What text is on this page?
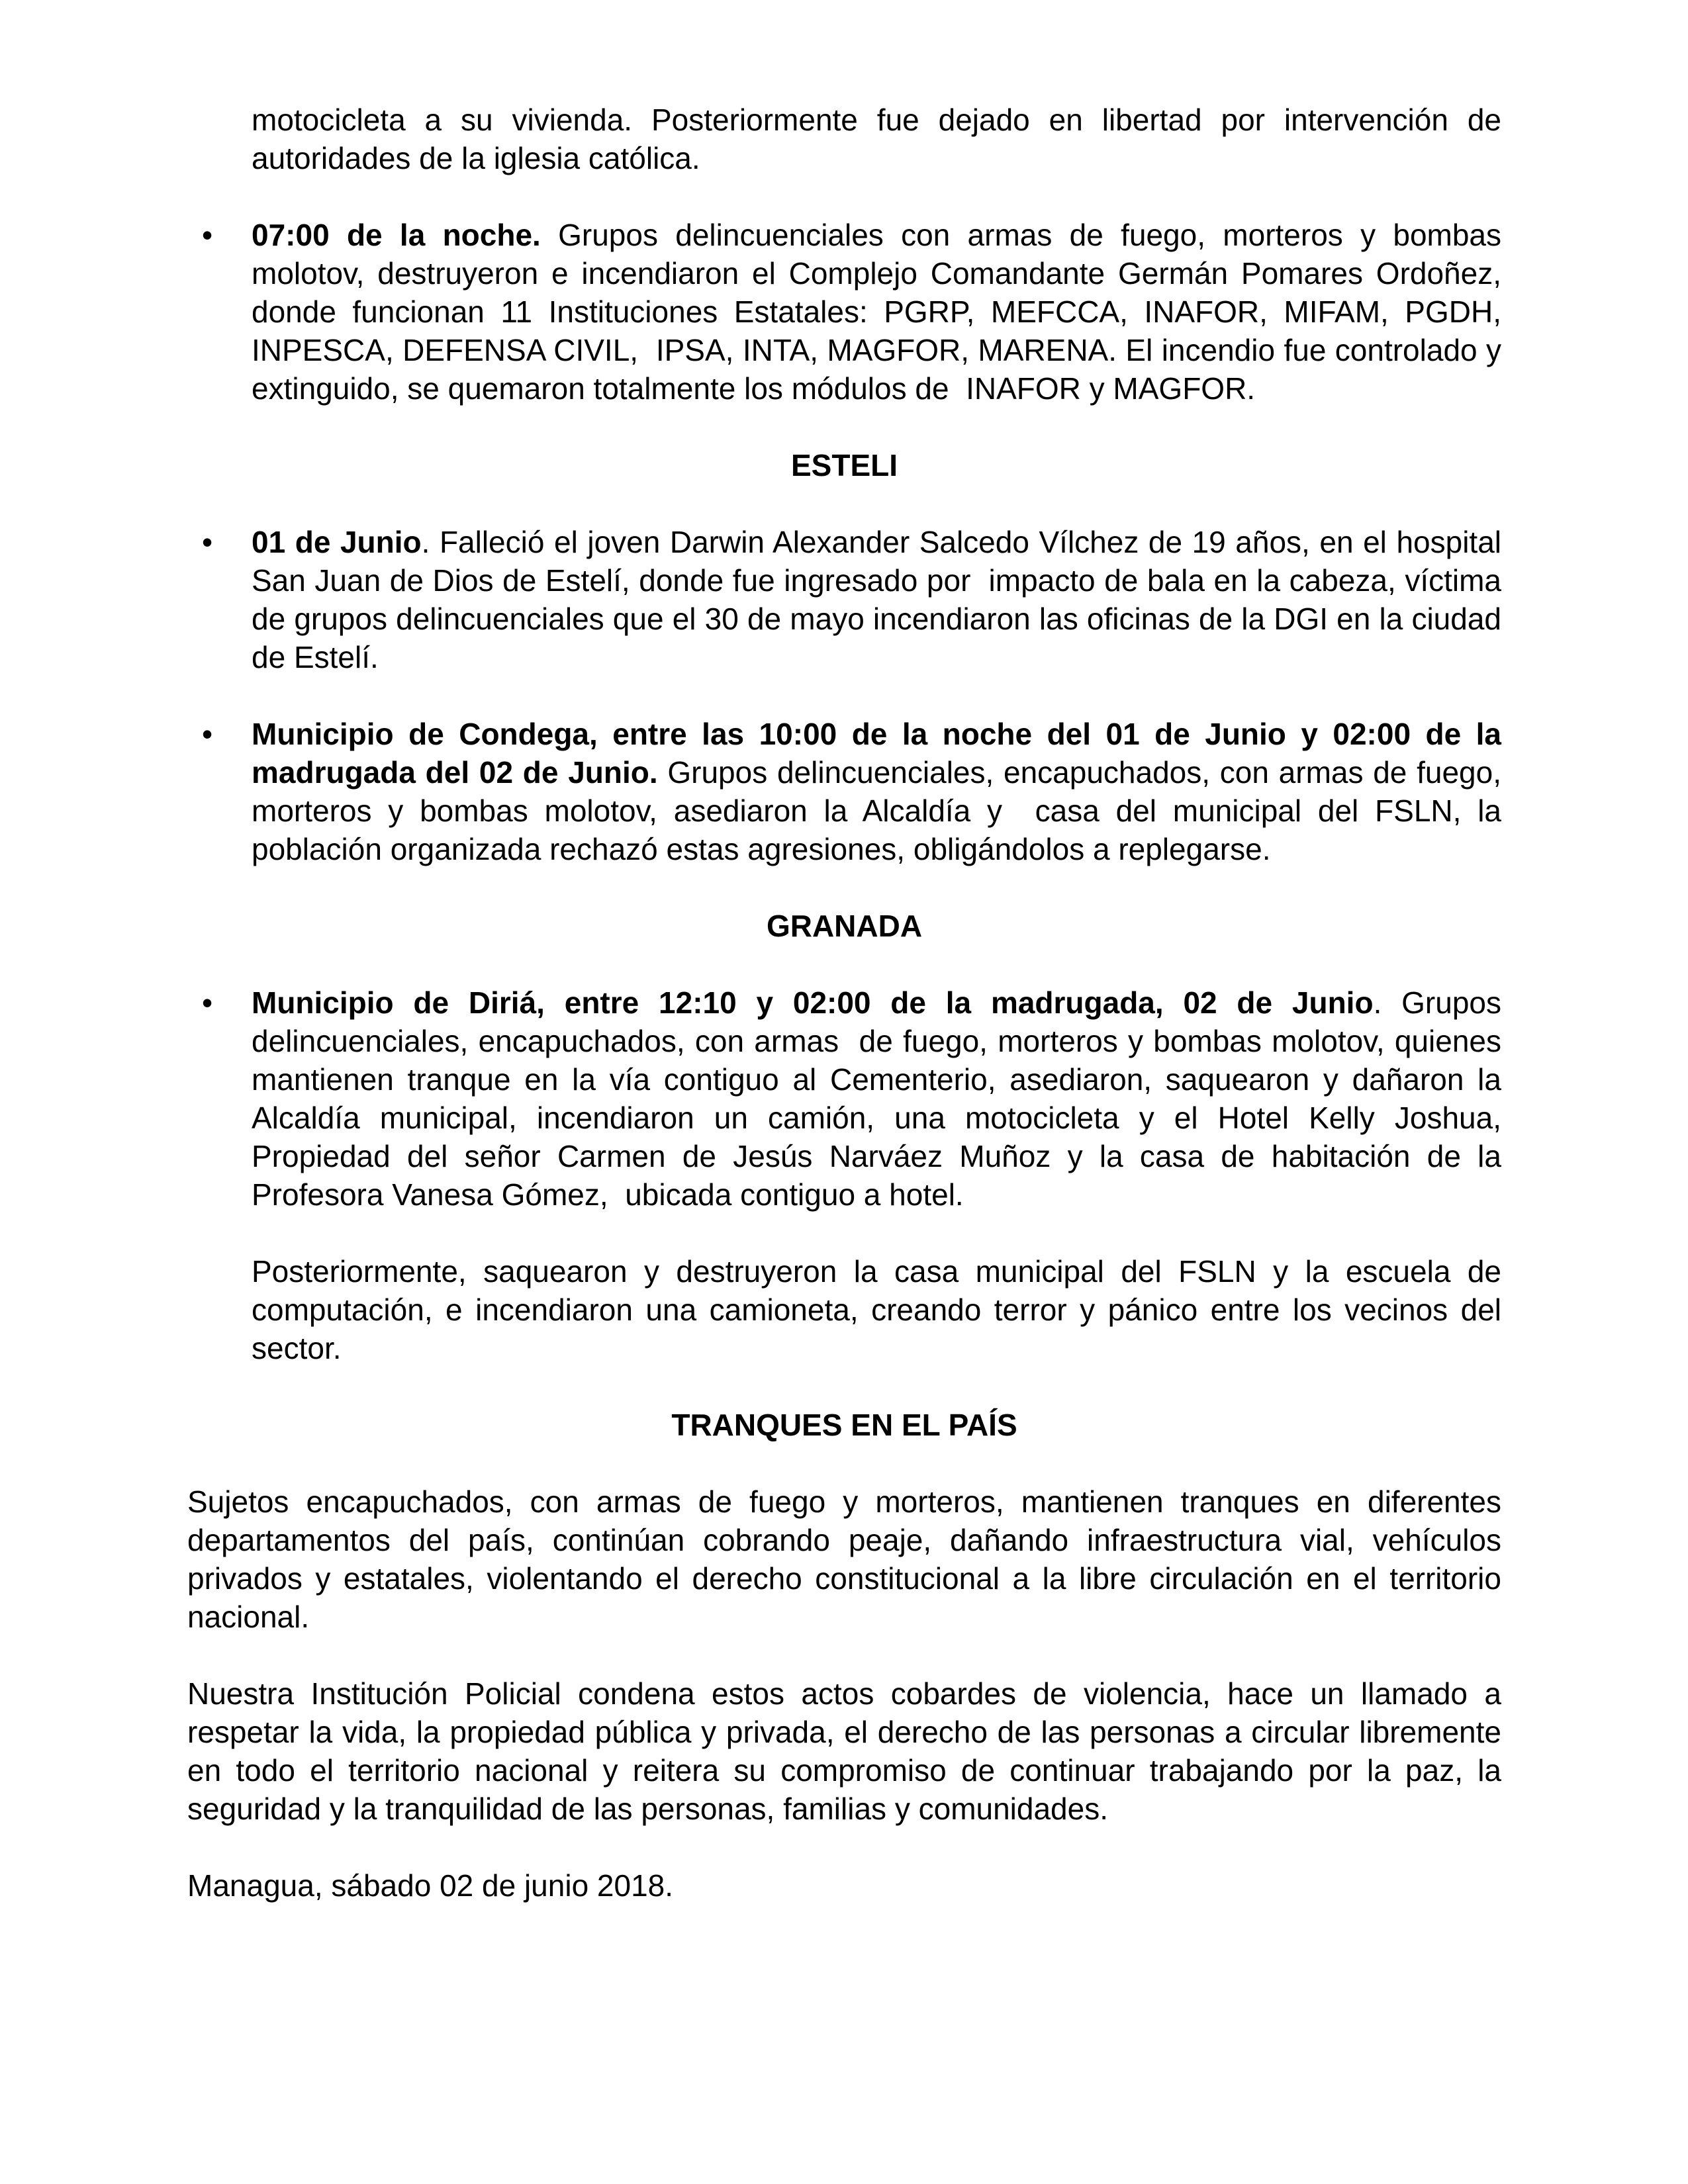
motocicleta a su vivienda. Posteriormente fue dejado en libertad por intervención de autoridades de la iglesia católica.

• 07:00 de la noche. Grupos delincuenciales con armas de fuego, morteros y bombas molotov, destruyeron e incendiaron el Complejo Comandante Germán Pomares Ordoñez, donde funcionan 11 Instituciones Estatales: PGRP, MEFCCA, INAFOR, MIFAM, PGDH, INPESCA, DEFENSA CIVIL,  IPSA, INTA, MAGFOR, MARENA. El incendio fue controlado y extinguido, se quemaron totalmente los módulos de  INAFOR y MAGFOR.

ESTELI
• 01 de Junio. Falleció el joven Darwin Alexander Salcedo Vílchez de 19 años, en el hospital  San Juan de Dios de Estelí, donde fue ingresado por  impacto de bala en la cabeza, víctima de grupos delincuenciales que el 30 de mayo incendiaron las oficinas de la DGI en la ciudad de Estelí.

• Municipio de Condega, entre las 10:00 de la noche del 01 de Junio y 02:00 de la madrugada del 02 de Junio. Grupos delincuenciales, encapuchados, con armas de fuego, morteros y bombas molotov, asediaron la Alcaldía y  casa del municipal del FSLN, la población organizada rechazó estas agresiones, obligándolos a replegarse.

GRANADA
• Municipio de Diriá, entre 12:10 y 02:00 de la madrugada, 02 de Junio. Grupos delincuenciales, encapuchados, con armas  de fuego, morteros y bombas molotov, quienes mantienen tranque en la vía contiguo al Cementerio, asediaron, saquearon y dañaron la Alcaldía municipal, incendiaron un camión, una motocicleta y el Hotel Kelly Joshua, Propiedad del señor Carmen de Jesús Narváez Muñoz y la casa de habitación de la Profesora Vanesa Gómez,  ubicada contiguo a hotel.

Posteriormente, saquearon y destruyeron la casa municipal del FSLN y la escuela de computación, e incendiaron una camioneta, creando terror y pánico entre los vecinos del sector.

TRANQUES EN EL PAÍS

Sujetos encapuchados, con armas de fuego y morteros, mantienen tranques en diferentes departamentos del país, continúan cobrando peaje, dañando infraestructura vial, vehículos privados y estatales, violentando el derecho constitucional a la libre circulación en el territorio nacional.

Nuestra Institución Policial condena estos actos cobardes de violencia, hace un llamado a respetar la vida, la propiedad pública y privada, el derecho de las personas a circular libremente en todo el territorio nacional y reitera su compromiso de continuar trabajando por la paz, la seguridad y la tranquilidad de las personas, familias y comunidades.

Managua, sábado 02 de junio 2018.
